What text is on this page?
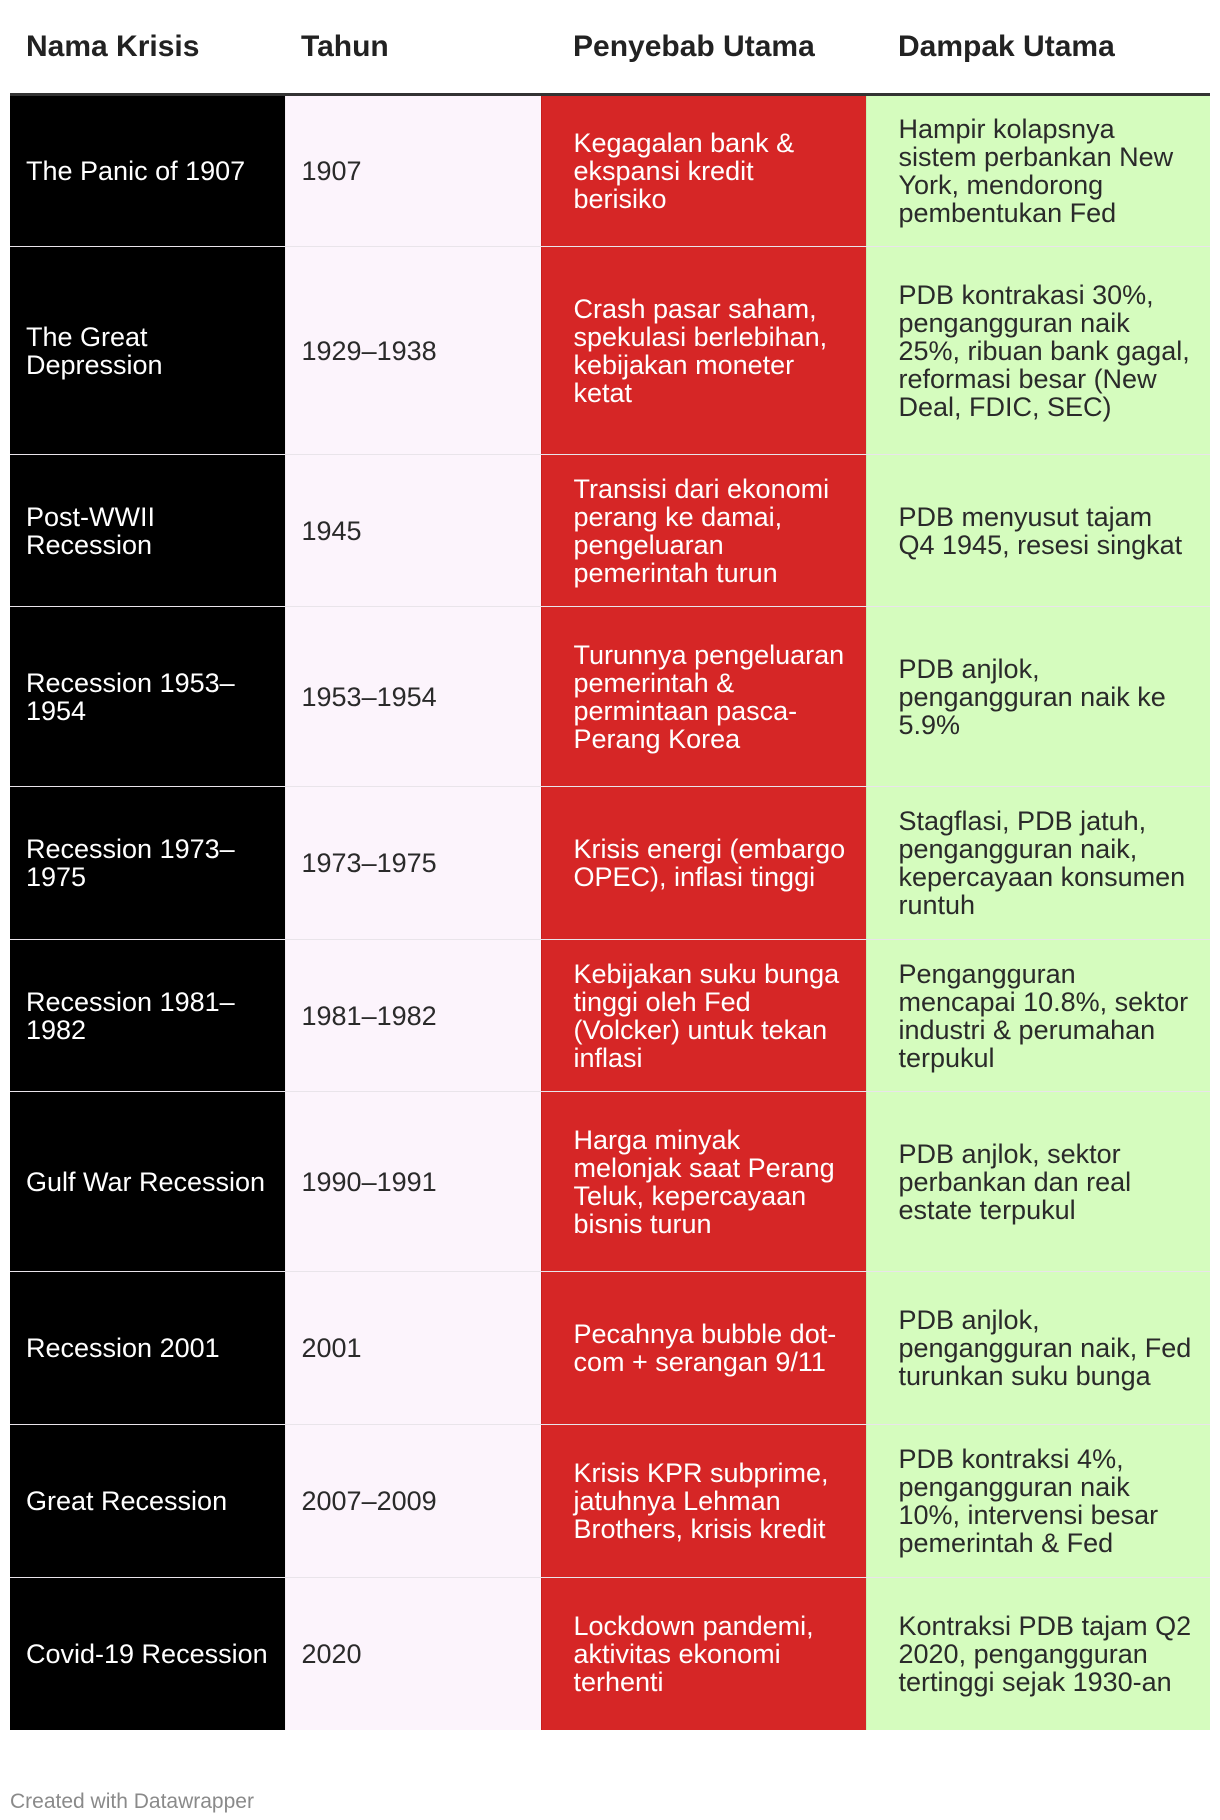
Nama Krisis	Tahun	Penyebab Utama	Dampak Utama
The Panic of 1907	1907	Kegagalan bank & ekspansi kredit berisiko	Hampir kolapsnya sistem perbankan New York, mendorong pembentukan Fed
The Great Depression	1929–1938	Crash pasar saham, spekulasi berlebihan, kebijakan moneter ketat	PDB kontrakasi 30%, pengangguran naik 25%, ribuan bank gagal, reformasi besar (New Deal, FDIC, SEC)
Post-WWII Recession	1945	Transisi dari ekonomi perang ke damai, pengeluaran pemerintah turun	PDB menyusut tajam Q4 1945, resesi singkat
Recession 1953–1954	1953–1954	Turunnya pengeluaran pemerintah & permintaan pasca-Perang Korea	PDB anjlok, pengangguran naik ke 5.9%
Recession 1973–1975	1973–1975	Krisis energi (embargo OPEC), inflasi tinggi	Stagflasi, PDB jatuh, pengangguran naik, kepercayaan konsumen runtuh
Recession 1981–1982	1981–1982	Kebijakan suku bunga tinggi oleh Fed (Volcker) untuk tekan inflasi	Pengangguran mencapai 10.8%, sektor industri & perumahan terpukul
Gulf War Recession	1990–1991	Harga minyak melonjak saat Perang Teluk, kepercayaan bisnis turun	PDB anjlok, sektor perbankan dan real estate terpukul
Recession 2001	2001	Pecahnya bubble dot-com + serangan 9/11	PDB anjlok, pengangguran naik, Fed turunkan suku bunga
Great Recession	2007–2009	Krisis KPR subprime, jatuhnya Lehman Brothers, krisis kredit	PDB kontraksi 4%, pengangguran naik 10%, intervensi besar pemerintah & Fed
Covid-19 Recession	2020	Lockdown pandemi, aktivitas ekonomi terhenti	Kontraksi PDB tajam Q2 2020, pengangguran tertinggi sejak 1930-an
Created with Datawrapper
